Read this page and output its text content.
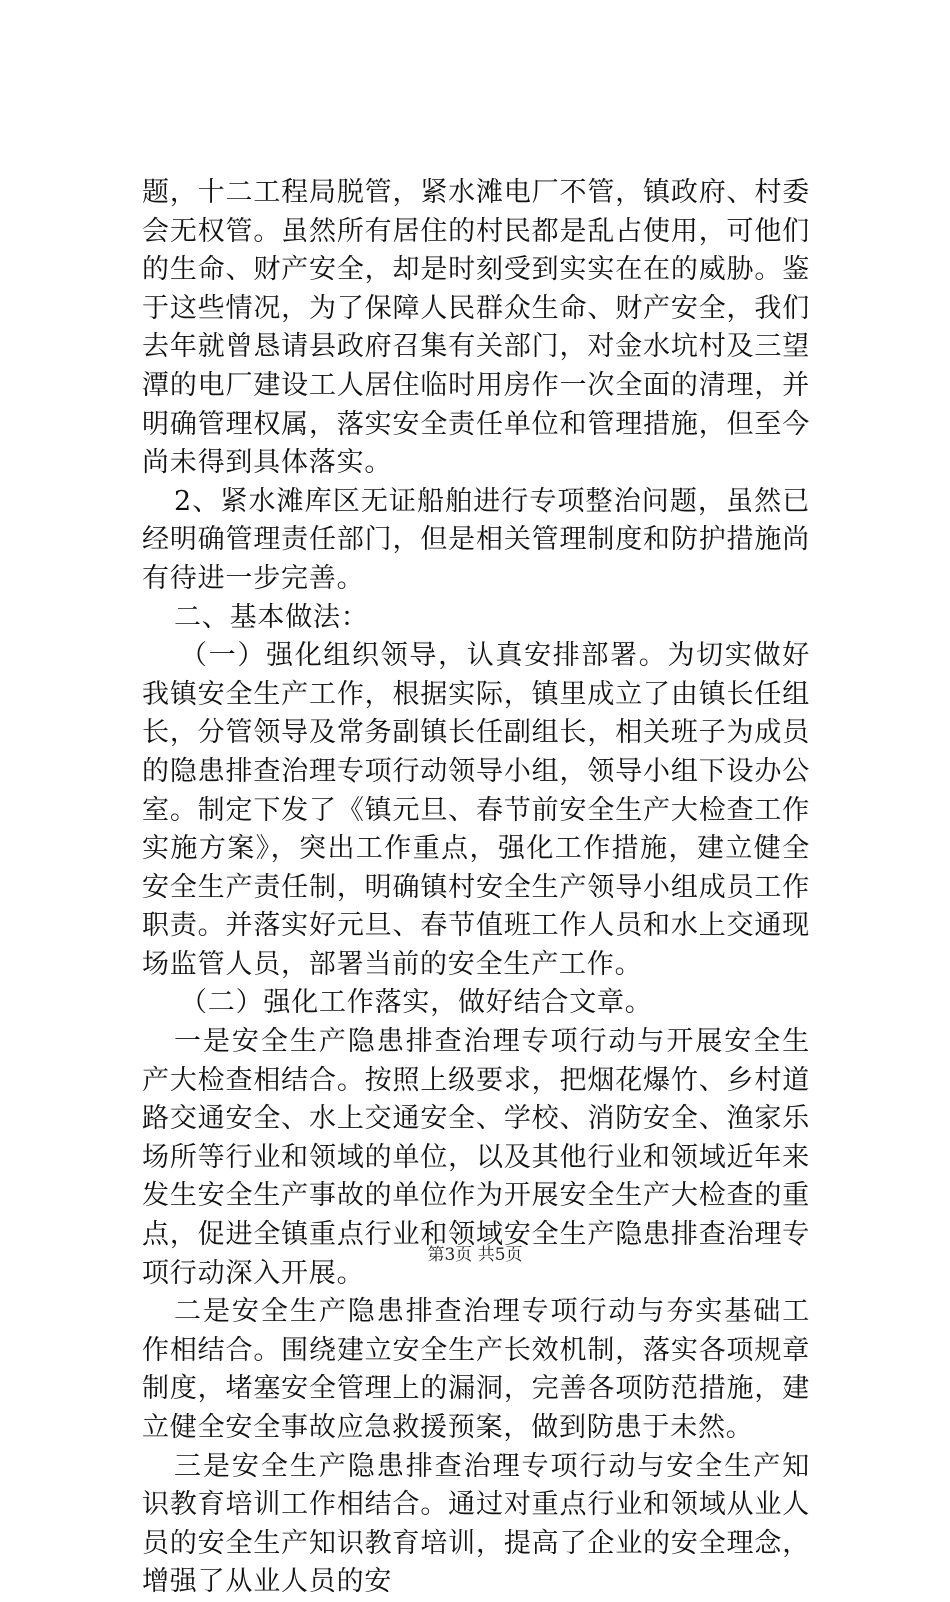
题，十二工程局脱管，紧水滩电厂不管，镇政府、村委会无权管。虽然所有居住的村民都是乱占使用，可他们的生命、财产安全，却是时刻受到实实在在的威胁。鉴于这些情况，为了保障人民群众生命、财产安全，我们去年就曾恳请县政府召集有关部门，对金水坑村及三望潭的电厂建设工人居住临时用房作一次全面的清理，并明确管理权属，落实安全责任单位和管理措施，但至今尚未得到具体落实。

2、紧水滩库区无证船舶进行专项整治问题，虽然已经明确管理责任部门，但是相关管理制度和防护措施尚有待进一步完善。

二、基本做法：

（一）强化组织领导，认真安排部署。为切实做好我镇安全生产工作，根据实际，镇里成立了由镇长任组长，分管领导及常务副镇长任副组长，相关班子为成员的隐患排查治理专项行动领导小组，领导小组下设办公室。制定下发了《镇元旦、春节前安全生产大检查工作实施方案》，突出工作重点，强化工作措施，建立健全安全生产责任制，明确镇村安全生产领导小组成员工作职责。并落实好元旦、春节值班工作人员和水上交通现场监管人员，部署当前的安全生产工作。

（二）强化工作落实，做好结合文章。

一是安全生产隐患排查治理专项行动与开展安全生产大检查相结合。按照上级要求，把烟花爆竹、乡村道路交通安全、水上交通安全、学校、消防安全、渔家乐场所等行业和领域的单位，以及其他行业和领域近年来发生安全生产事故的单位作为开展安全生产大检查的重点，促进全镇重点行业和领域安全生产隐患排查治理专项行动深入开展。

二是安全生产隐患排查治理专项行动与夯实基础工作相结合。围绕建立安全生产长效机制，落实各项规章制度，堵塞安全管理上的漏洞，完善各项防范措施，建立健全安全事故应急救援预案，做到防患于未然。

三是安全生产隐患排查治理专项行动与安全生产知识教育培训工作相结合。通过对重点行业和领域从业人员的安全生产知识教育培训，提高了企业的安全理念，增强了从业人员的安

第3页 共5页
